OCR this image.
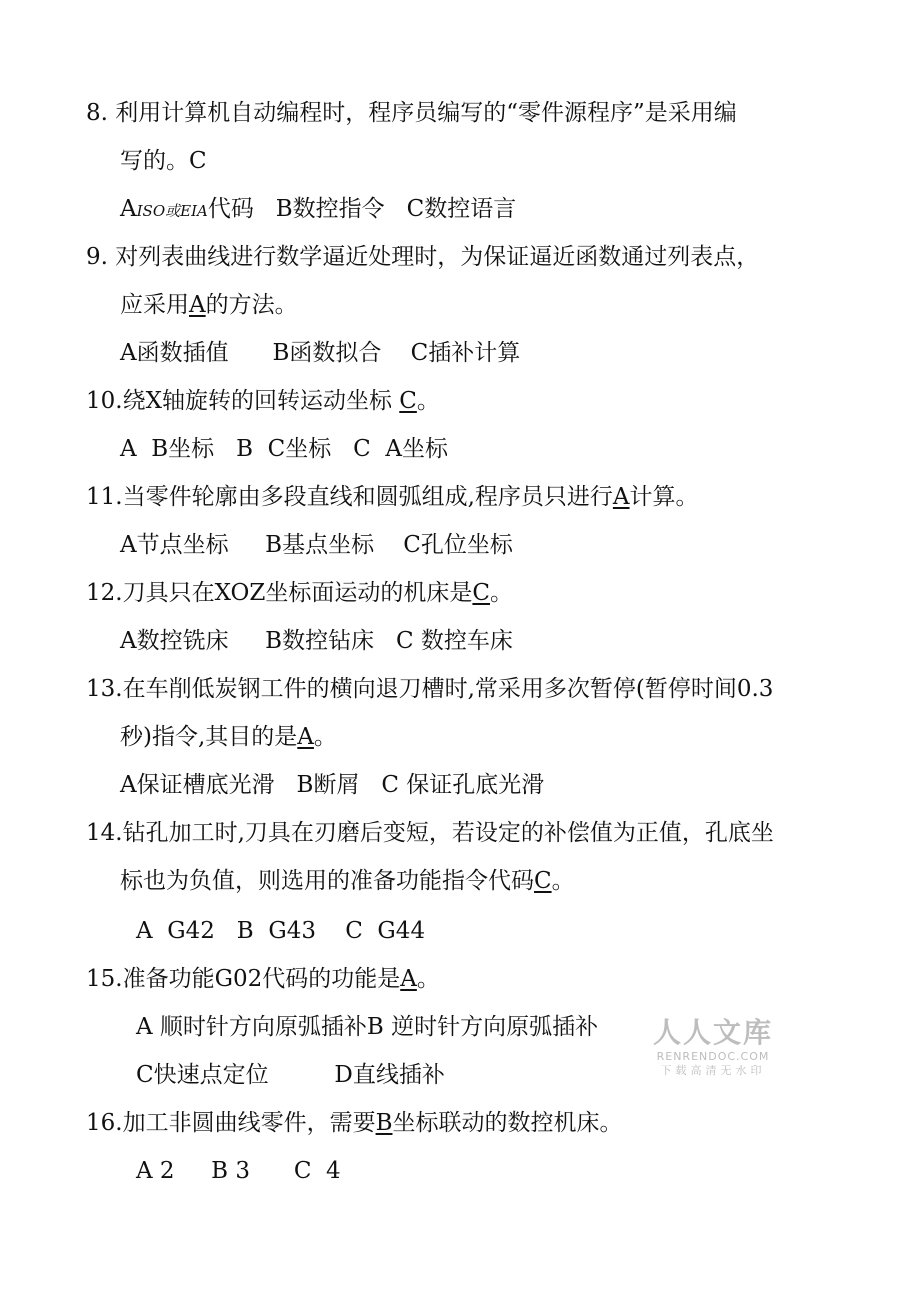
8. 利用计算机自动编程时，程序员编写的“零件源程序”是采用编
写的。C
AISO或EIA代码 B数控指令 C数控语言
9. 对列表曲线进行数学逼近处理时，为保证逼近函数通过列表点，
应采用A的方法。
A函数插值      B函数拟合    C插补计算
10.绕X轴旋转的回转运动坐标 C。
A  B坐标   B  C坐标   C  A坐标
11.当零件轮廓由多段直线和圆弧组成,程序员只进行A计算。
A节点坐标     B基点坐标    C孔位坐标
12.刀具只在XOZ坐标面运动的机床是C。
A数控铣床     B数控钻床   C 数控车床
13.在车削低炭钢工件的横向退刀槽时,常采用多次暂停(暂停时间0.3
秒)指令,其目的是A。
A保证槽底光滑   B断屑   C 保证孔底光滑
14.钻孔加工时,刀具在刃磨后变短，若设定的补偿值为正值，孔底坐
标也为负值，则选用的准备功能指令代码C。
A  G42   B  G43    C  G44
15.准备功能G02代码的功能是A。
A 顺时针方向原弧插补B 逆时针方向原弧插补
C快速点定位         D直线插补
16.加工非圆曲线零件，需要B坐标联动的数控机床。
A 2     B 3      C  4
人人文库
RENRENDOC.COM
下载高清无水印
